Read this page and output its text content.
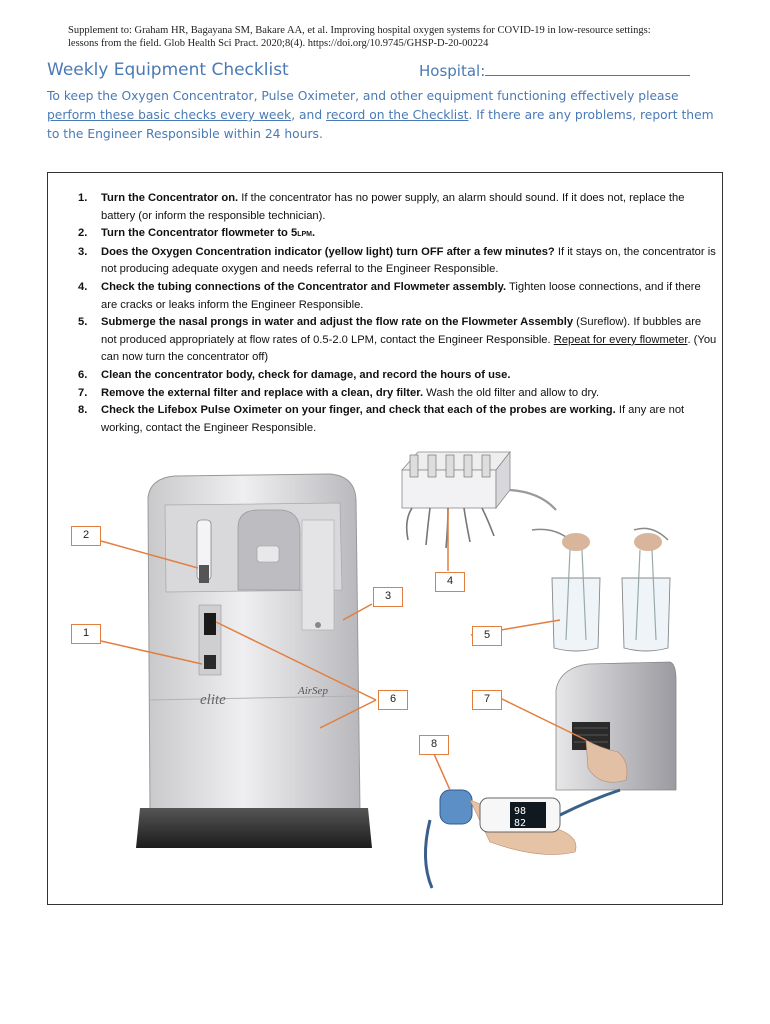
Supplement to: Graham HR, Bagayana SM, Bakare AA, et al. Improving hospital oxygen systems for COVID-19 in low-resource settings:
lessons from the field. Glob Health Sci Pract. 2020;8(4). https://doi.org/10.9745/GHSP-D-20-00224
Weekly Equipment Checklist	Hospital:
To keep the Oxygen Concentrator, Pulse Oximeter, and other equipment functioning effectively please perform these basic checks every week, and record on the Checklist. If there are any problems, report them to the Engineer Responsible within 24 hours.
1. Turn the Concentrator on. If the concentrator has no power supply, an alarm should sound. If it does not, replace the battery (or inform the responsible technician).
2. Turn the Concentrator flowmeter to 5LPM.
3. Does the Oxygen Concentration indicator (yellow light) turn OFF after a few minutes? If it stays on, the concentrator is not producing adequate oxygen and needs referral to the Engineer Responsible.
4. Check the tubing connections of the Concentrator and Flowmeter assembly. Tighten loose connections, and if there are cracks or leaks inform the Engineer Responsible.
5. Submerge the nasal prongs in water and adjust the flow rate on the Flowmeter Assembly (Sureflow). If bubbles are not produced appropriately at flow rates of 0.5-2.0 LPM, contact the Engineer Responsible. Repeat for every flowmeter. (You can now turn the concentrator off)
6. Clean the concentrator body, check for damage, and record the hours of use.
7. Remove the external filter and replace with a clean, dry filter. Wash the old filter and allow to dry.
8. Check the Lifebox Pulse Oximeter on your finger, and check that each of the probes are working. If any are not working, contact the Engineer Responsible.
elite
AirSep
98
82
2
3
1
6
4
5
7
8
